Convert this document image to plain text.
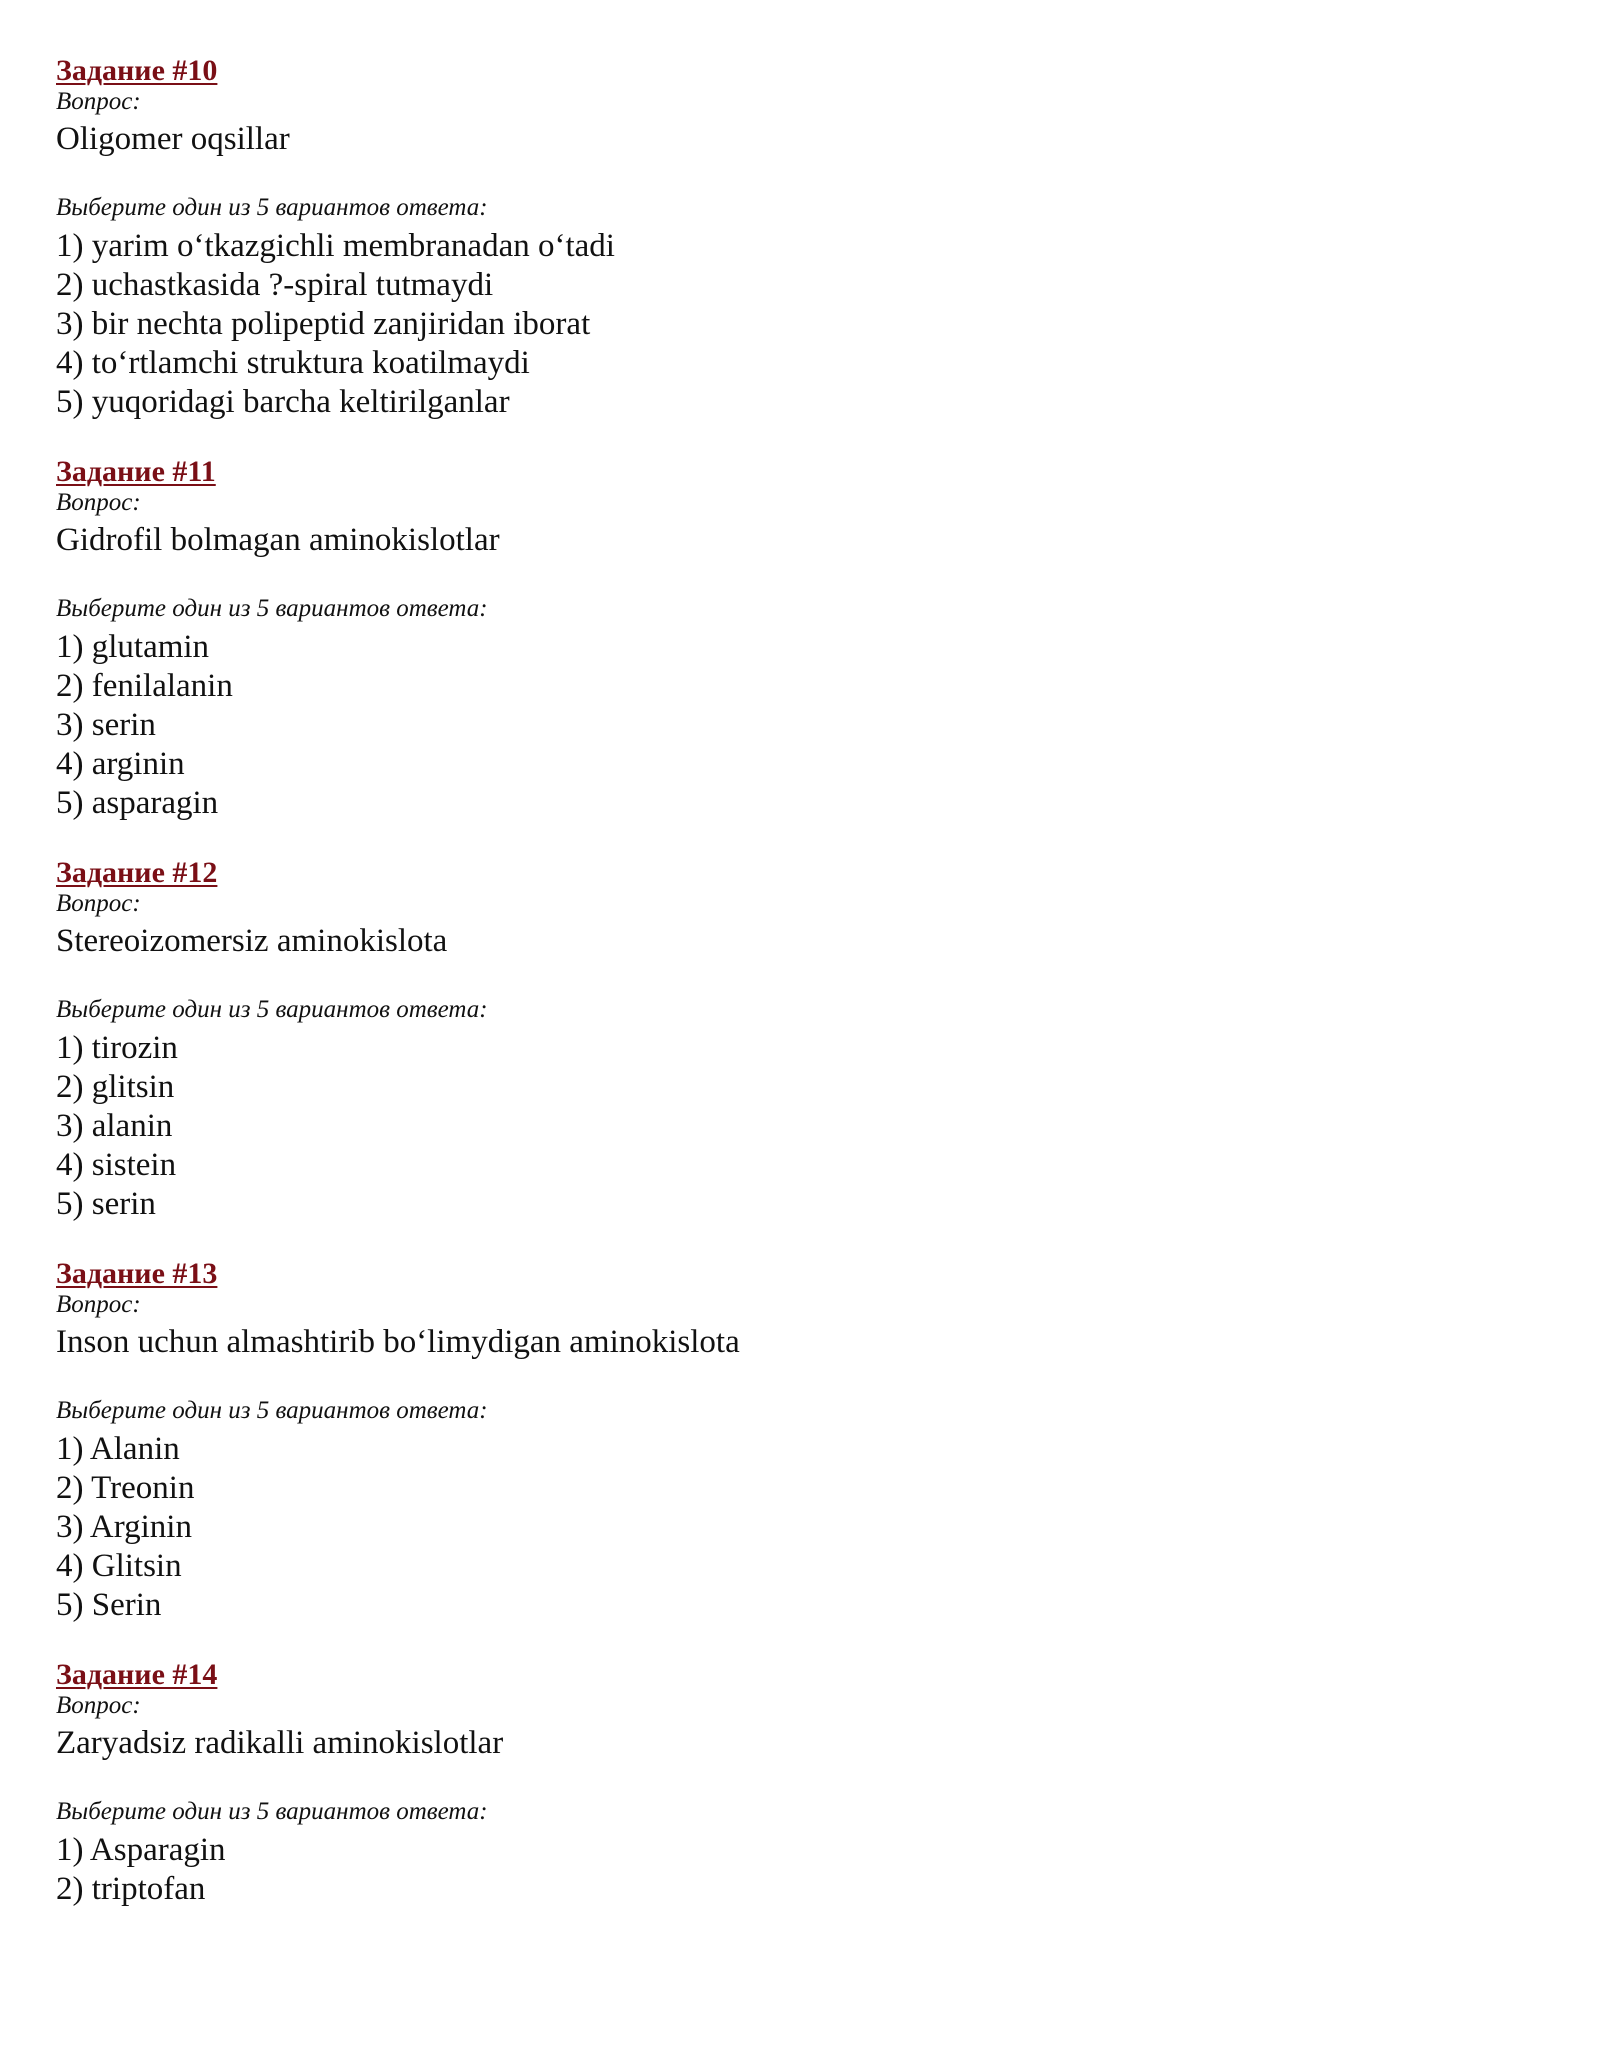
Задание #10
Вопрос:
Oligomer oqsillar
Выберите один из 5 вариантов ответа:
1) yarim o‘tkazgichli membranadan o‘tadi
2) uchastkasida ?-spiral tutmaydi
3) bir nechta polipeptid zanjiridan iborat
4) to‘rtlamchi struktura koatilmaydi
5) yuqoridagi barcha keltirilganlar
Задание #11
Вопрос:
Gidrofil bolmagan aminokislotlar
Выберите один из 5 вариантов ответа:
1) glutamin
2) fenilalanin
3) serin
4) arginin
5) asparagin
Задание #12
Вопрос:
Stereoizomersiz aminokislota
Выберите один из 5 вариантов ответа:
1) tirozin
2) glitsin
3) alanin
4) sistein
5) serin
Задание #13
Вопрос:
Inson uchun almashtirib bo‘limydigan aminokislota
Выберите один из 5 вариантов ответа:
1) Alanin
2) Treonin
3) Arginin
4) Glitsin
5) Serin
Задание #14
Вопрос:
Zaryadsiz radikalli aminokislotlar
Выберите один из 5 вариантов ответа:
1) Asparagin
2) triptofan
